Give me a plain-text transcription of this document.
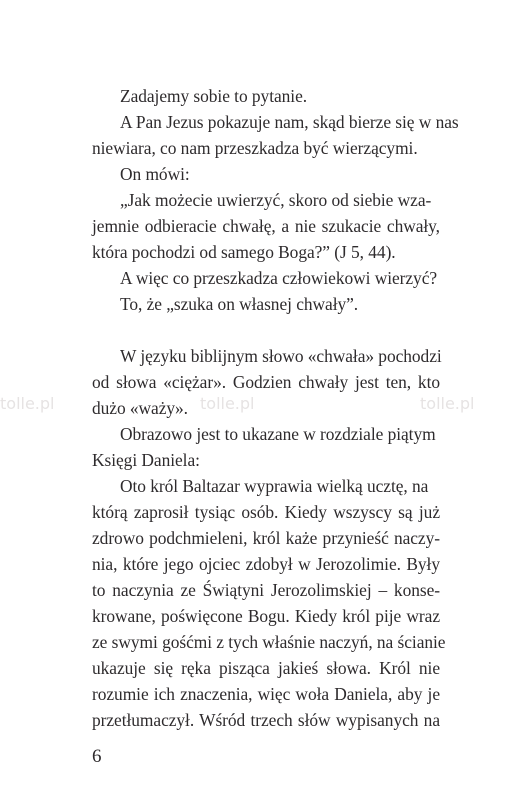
tolle.pl	tolle.pl	tolle.pl
Zadajemy sobie to pytanie.
A Pan Jezus pokazuje nam, skąd bierze się w nas
niewiara, co nam przeszkadza być wierzącymi.
On mówi:
„Jak możecie uwierzyć, skoro od siebie wza-
jemnie odbieracie chwałę, a nie szukacie chwały,
która pochodzi od samego Boga?” (J 5, 44).
A więc co przeszkadza człowiekowi wierzyć?
To, że „szuka on własnej chwały”.
W języku biblijnym słowo «chwała» pochodzi
od słowa «ciężar». Godzien chwały jest ten, kto
dużo «waży».
Obrazowo jest to ukazane w rozdziale piątym
Księgi Daniela:
Oto król Baltazar wyprawia wielką ucztę, na
którą zaprosił tysiąc osób. Kiedy wszyscy są już
zdrowo podchmieleni, król każe przynieść naczy-
nia, które jego ojciec zdobył w Jerozolimie. Były
to naczynia ze Świątyni Jerozolimskiej – konse-
krowane, poświęcone Bogu. Kiedy król pije wraz
ze swymi gośćmi z tych właśnie naczyń, na ścianie
ukazuje się ręka pisząca jakieś słowa. Król nie
rozumie ich znaczenia, więc woła Daniela, aby je
przetłumaczył. Wśród trzech słów wypisanych na
6
